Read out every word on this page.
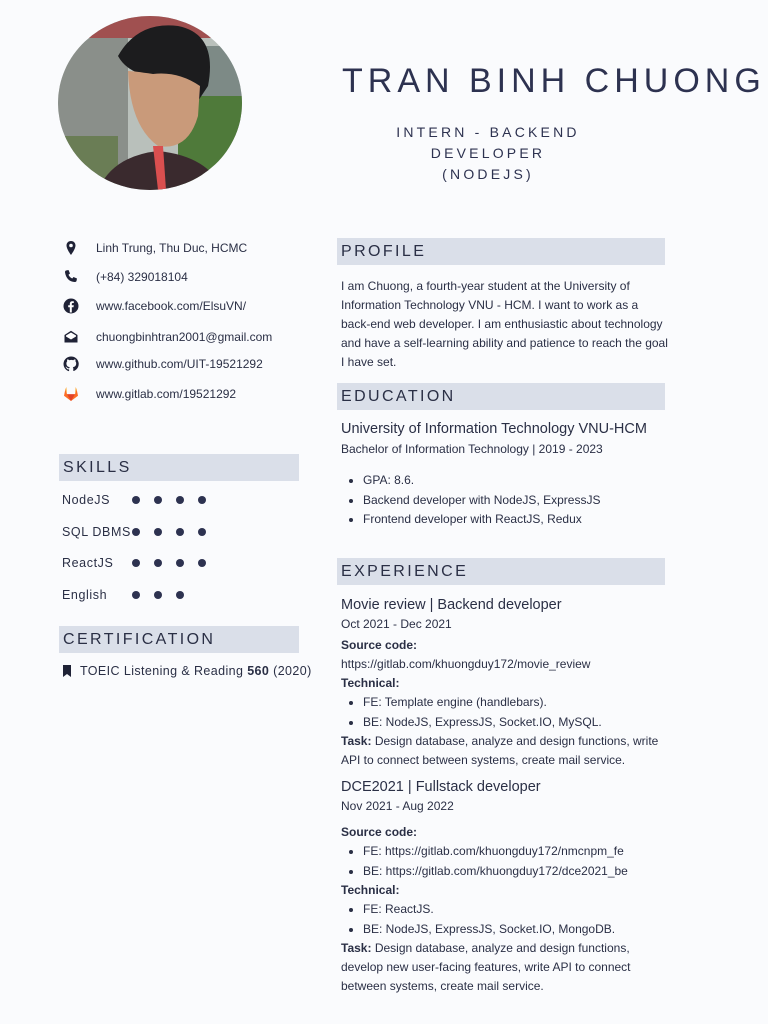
TRAN BINH CHUONG
INTERN - BACKEND DEVELOPER
(NODEJS)
Linh Trung, Thu Duc, HCMC
(+84) 329018104
www.facebook.com/ElsuVN/
chuongbinhtran2001@gmail.com
www.github.com/UIT-19521292
www.gitlab.com/19521292
SKILLS
NodeJS
SQL DBMS
ReactJS
English
CERTIFICATION
TOEIC Listening & Reading
560
(2020)
PROFILE
I am Chuong, a fourth-year student at the University of Information Technology VNU - HCM. I want to work as a back-end web developer. I am enthusiastic about technology and have a self-learning ability and patience to reach the goal I have set.
EDUCATION
University of Information Technology VNU-HCM
Bachelor of Information Technology | 2019 - 2023
• GPA: 8.6.
• Backend developer with NodeJS, ExpressJS
• Frontend developer with ReactJS, Redux
EXPERIENCE
Movie review | Backend developer
Oct 2021 - Dec 2021
Source code:
https://gitlab.com/khuongduy172/movie_review
Technical:
• FE: Template engine (handlebars).
• BE: NodeJS, ExpressJS, Socket.IO, MySQL.
Task: Design database, analyze and design functions, write API to connect between systems, create mail service.
DCE2021 | Fullstack developer
Nov 2021 - Aug 2022
Source code:
• FE: https://gitlab.com/khuongduy172/nmcnpm_fe
• BE: https://gitlab.com/khuongduy172/dce2021_be
Technical:
• FE: ReactJS.
• BE: NodeJS, ExpressJS, Socket.IO, MongoDB.
Task: Design database, analyze and design functions, develop new user-facing features, write API to connect between systems, create mail service.
